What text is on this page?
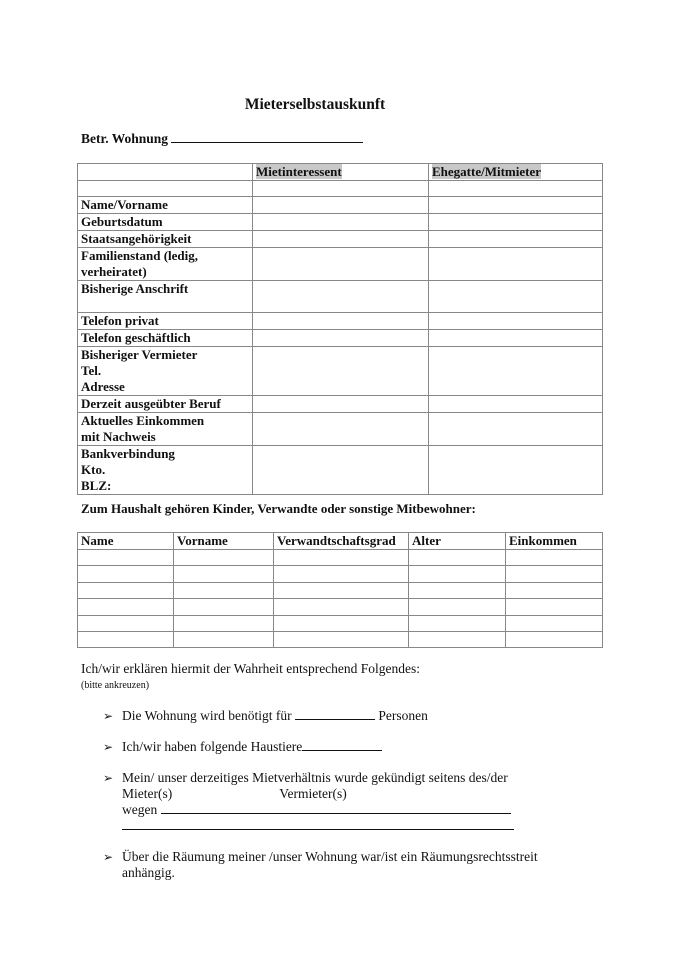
Mieterselbstauskunft
Betr. Wohnung
	Mietinteressent	Ehegatte/Mitmieter

Name/Vorname		
Geburtsdatum		
Staatsangehörigkeit		
Familienstand (ledig,
verheiratet)		
Bisherige Anschrift		
Telefon privat		
Telefon geschäftlich		
Bisheriger Vermieter
Tel.
Adresse		
Derzeit ausgeübter Beruf		
Aktuelles Einkommen
mit Nachweis		
Bankverbindung
Kto.
BLZ:		
Zum Haushalt gehören Kinder, Verwandte oder sonstige Mitbewohner:
Name	Vorname	Verwandtschaftsgrad	Alter	Einkommen

Ich/wir erklären hiermit der Wahrheit entsprechend Folgendes:
(bitte ankreuzen)
➢ Die Wohnung wird benötigt für	Personen
➢ Ich/wir haben folgende Haustiere
➢ Mein/ unser derzeitiges Mietverhältnis wurde gekündigt seitens des/der
Mieter(s)	Vermieter(s)
wegen
➢ Über die Räumung meiner /unser Wohnung war/ist ein Räumungsrechtsstreit
anhängig.
